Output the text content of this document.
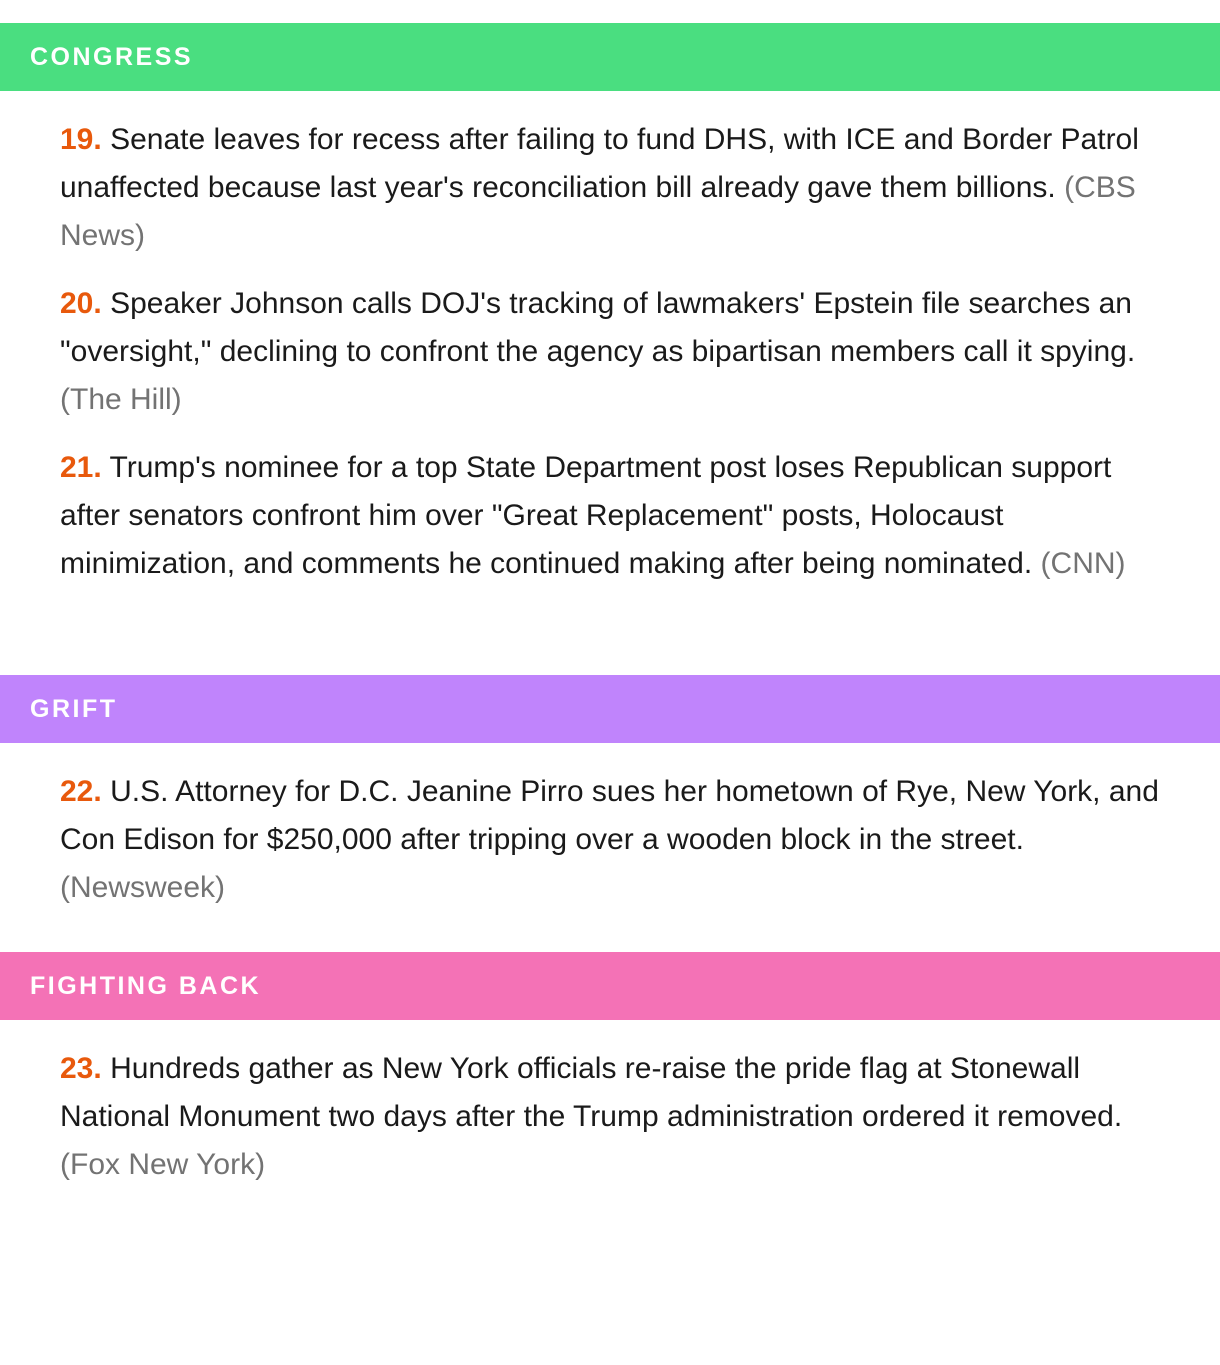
CONGRESS

19. Senate leaves for recess after failing to fund DHS, with ICE and Border Patrol unaffected because last year's reconciliation bill already gave them billions. (CBS News)

20. Speaker Johnson calls DOJ's tracking of lawmakers' Epstein file searches an "oversight," declining to confront the agency as bipartisan members call it spying. (The Hill)

21. Trump's nominee for a top State Department post loses Republican support after senators confront him over "Great Replacement" posts, Holocaust minimization, and comments he continued making after being nominated. (CNN)

GRIFT

22. U.S. Attorney for D.C. Jeanine Pirro sues her hometown of Rye, New York, and Con Edison for $250,000 after tripping over a wooden block in the street. (Newsweek)

FIGHTING BACK

23. Hundreds gather as New York officials re-raise the pride flag at Stonewall National Monument two days after the Trump administration ordered it removed. (Fox New York)
